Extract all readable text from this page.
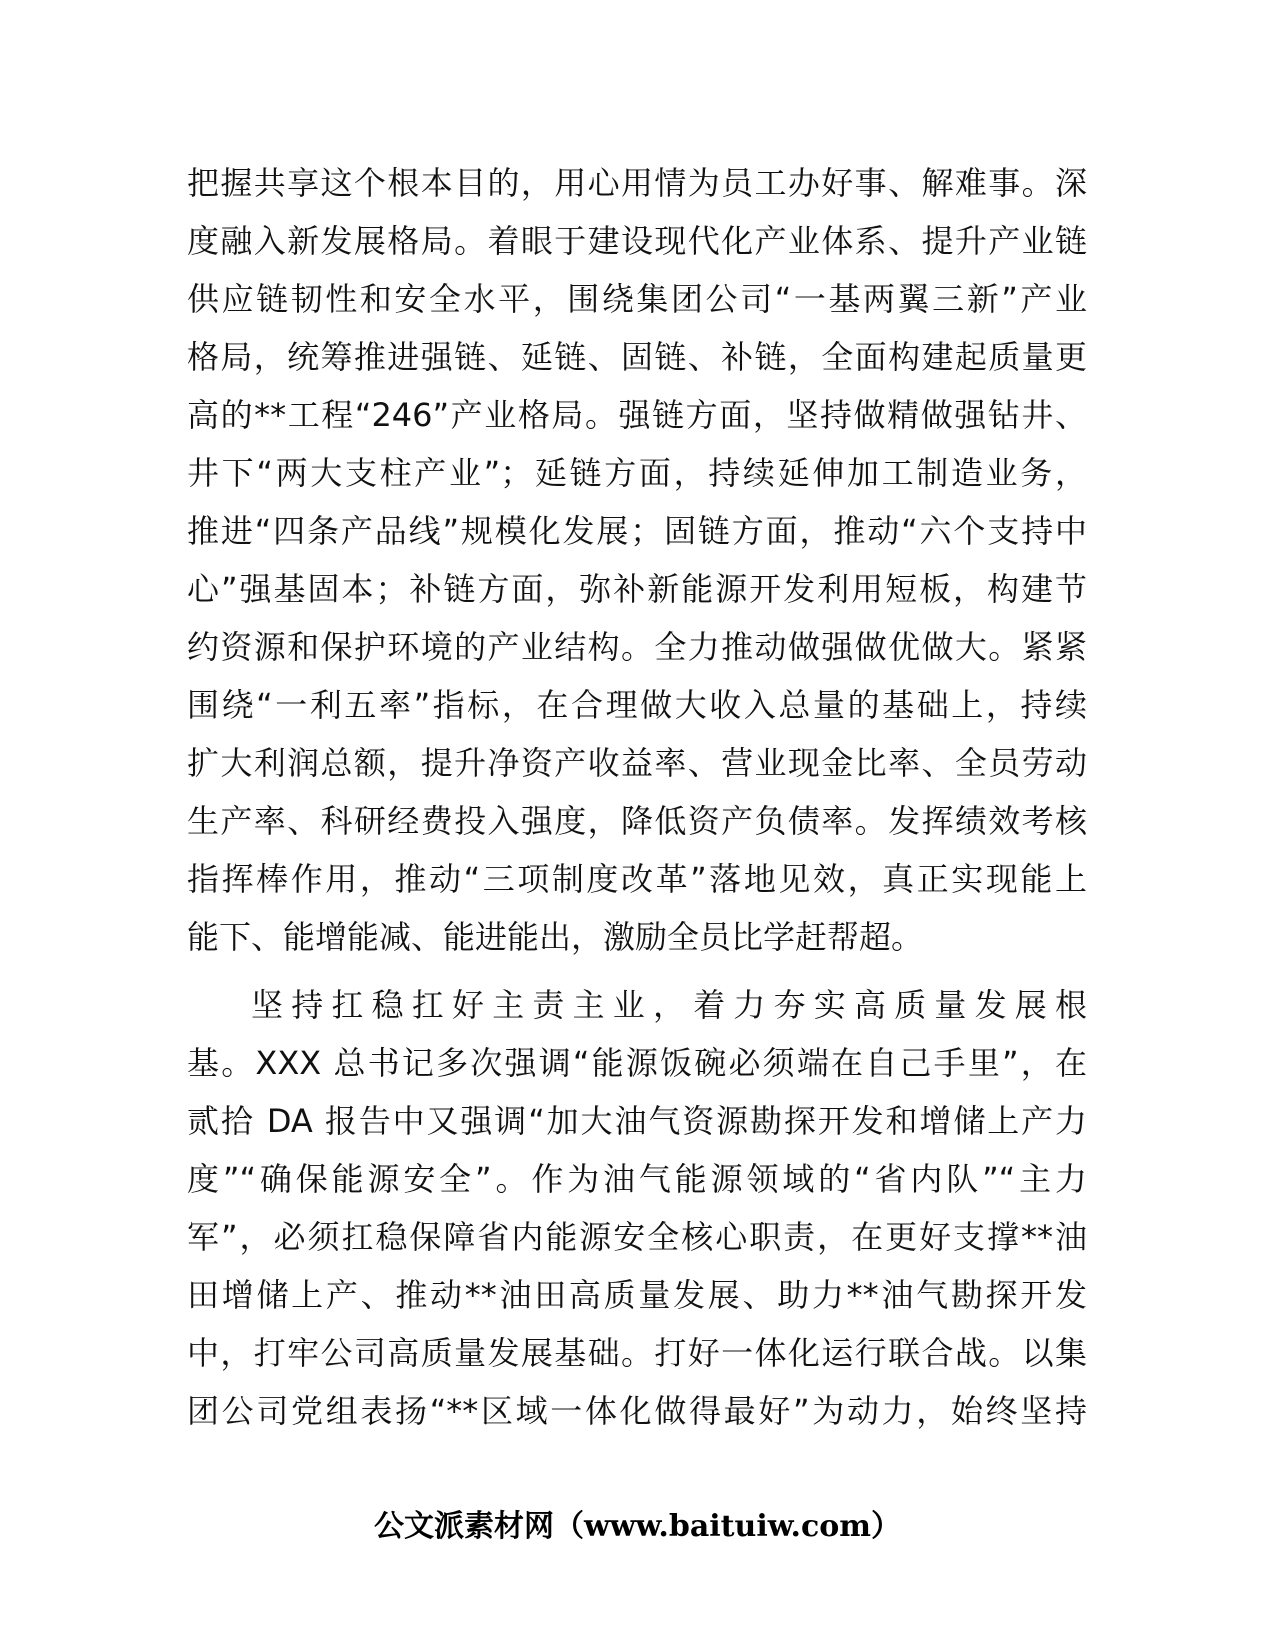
把握共享这个根本目的，用心用情为员工办好事、解难事。深
度融入新发展格局。着眼于建设现代化产业体系、提升产业链
供应链韧性和安全水平，围绕集团公司“一基两翼三新”产业
格局，统筹推进强链、延链、固链、补链，全面构建起质量更
高的**工程“246”产业格局。强链方面，坚持做精做强钻井、
井下“两大支柱产业”；延链方面，持续延伸加工制造业务，
推进“四条产品线”规模化发展；固链方面，推动“六个支持中
心”强基固本；补链方面，弥补新能源开发利用短板，构建节
约资源和保护环境的产业结构。全力推动做强做优做大。紧紧
围绕“一利五率”指标，在合理做大收入总量的基础上，持续
扩大利润总额，提升净资产收益率、营业现金比率、全员劳动
生产率、科研经费投入强度，降低资产负债率。发挥绩效考核
指挥棒作用，推动“三项制度改革”落地见效，真正实现能上
能下、能增能减、能进能出，激励全员比学赶帮超。
坚持扛稳扛好主责主业，着力夯实高质量发展根
基。XXX 总书记多次强调“能源饭碗必须端在自己手里”，在
贰拾 DA 报告中又强调“加大油气资源勘探开发和增储上产力
度”“确保能源安全”。作为油气能源领域的“省内队”“主力
军”，必须扛稳保障省内能源安全核心职责，在更好支撑**油
田增储上产、推动**油田高质量发展、助力**油气勘探开发
中，打牢公司高质量发展基础。打好一体化运行联合战。以集
团公司党组表扬“**区域一体化做得最好”为动力，始终坚持
公文派素材网（www.baituiw.com）
